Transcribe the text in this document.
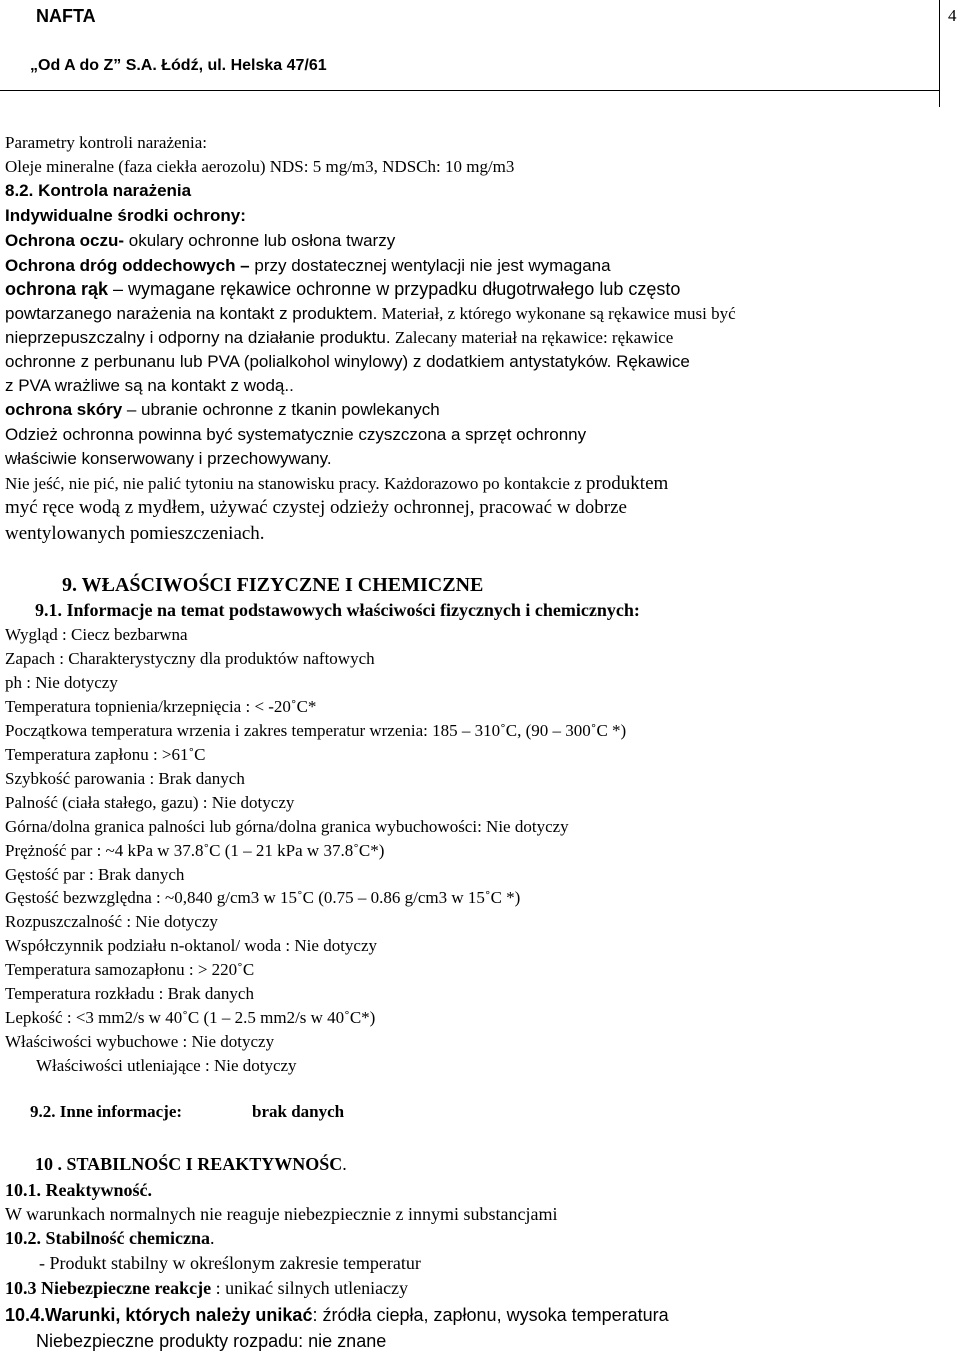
NAFTA
„Od A do Z” S.A. Łódź, ul. Helska 47/61
4
Parametry kontroli narażenia:
Oleje mineralne (faza ciekła aerozolu) NDS: 5 mg/m3, NDSCh: 10 mg/m3
8.2. Kontrola narażenia
Indywidualne środki ochrony:
Ochrona oczu- okulary ochronne lub osłona twarzy
Ochrona dróg oddechowych – przy dostatecznej wentylacji nie jest wymagana
ochrona rąk – wymagane rękawice ochronne w przypadku długotrwałego lub często
powtarzanego narażenia na kontakt z produktem. Materiał, z którego wykonane są rękawice musi być
nieprzepuszczalny i odporny na działanie produktu. Zalecany materiał na rękawice: rękawice
ochronne z perbunanu lub PVA (polialkohol winylowy) z dodatkiem antystatyków. Rękawice
z PVA wrażliwe są na kontakt z wodą..
ochrona skóry – ubranie ochronne z tkanin powlekanych
Odzież ochronna powinna być systematycznie czyszczona a sprzęt ochronny
właściwie konserwowany i przechowywany.
Nie jeść, nie pić, nie palić tytoniu na stanowisku pracy. Każdorazowo po kontakcie z produktem
myć ręce wodą z mydłem, używać czystej odzieży ochronnej, pracować w dobrze
wentylowanych pomieszczeniach.
9. WŁAŚCIWOŚCI FIZYCZNE I CHEMICZNE
9.1. Informacje na temat podstawowych właściwości fizycznych i chemicznych:
Wygląd : Ciecz bezbarwna
Zapach : Charakterystyczny dla produktów naftowych
ph : Nie dotyczy
Temperatura topnienia/krzepnięcia : < -20˚C*
Początkowa temperatura wrzenia i zakres temperatur wrzenia: 185 – 310˚C, (90 – 300˚C *)
Temperatura zapłonu : >61˚C
Szybkość parowania : Brak danych
Palność (ciała stałego, gazu) : Nie dotyczy
Górna/dolna granica palności lub górna/dolna granica wybuchowości: Nie dotyczy
Prężność par : ~4 kPa w 37.8˚C (1 – 21 kPa w 37.8˚C*)
Gęstość par : Brak danych
Gęstość bezwzględna : ~0,840 g/cm3 w 15˚C (0.75 – 0.86 g/cm3 w 15˚C *)
Rozpuszczalność : Nie dotyczy
Współczynnik podziału n-oktanol/ woda : Nie dotyczy
Temperatura samozapłonu : > 220˚C
Temperatura rozkładu : Brak danych
Lepkość : <3 mm2/s w 40˚C (1 – 2.5 mm2/s w 40˚C*)
Właściwości wybuchowe : Nie dotyczy
Właściwości utleniające : Nie dotyczy
9.2. Inne informacje:	brak danych
10 . STABILNOŚC I REAKTYWNOŚC.
10.1. Reaktywność.
W warunkach normalnych nie reaguje niebezpiecznie z innymi substancjami
10.2. Stabilność chemiczna.
- Produkt stabilny w określonym zakresie temperatur
10.3 Niebezpieczne reakcje : unikać silnych utleniaczy
10.4.Warunki, których należy unikać: źródła ciepła, zapłonu, wysoka temperatura
Niebezpieczne produkty rozpadu: nie znane
